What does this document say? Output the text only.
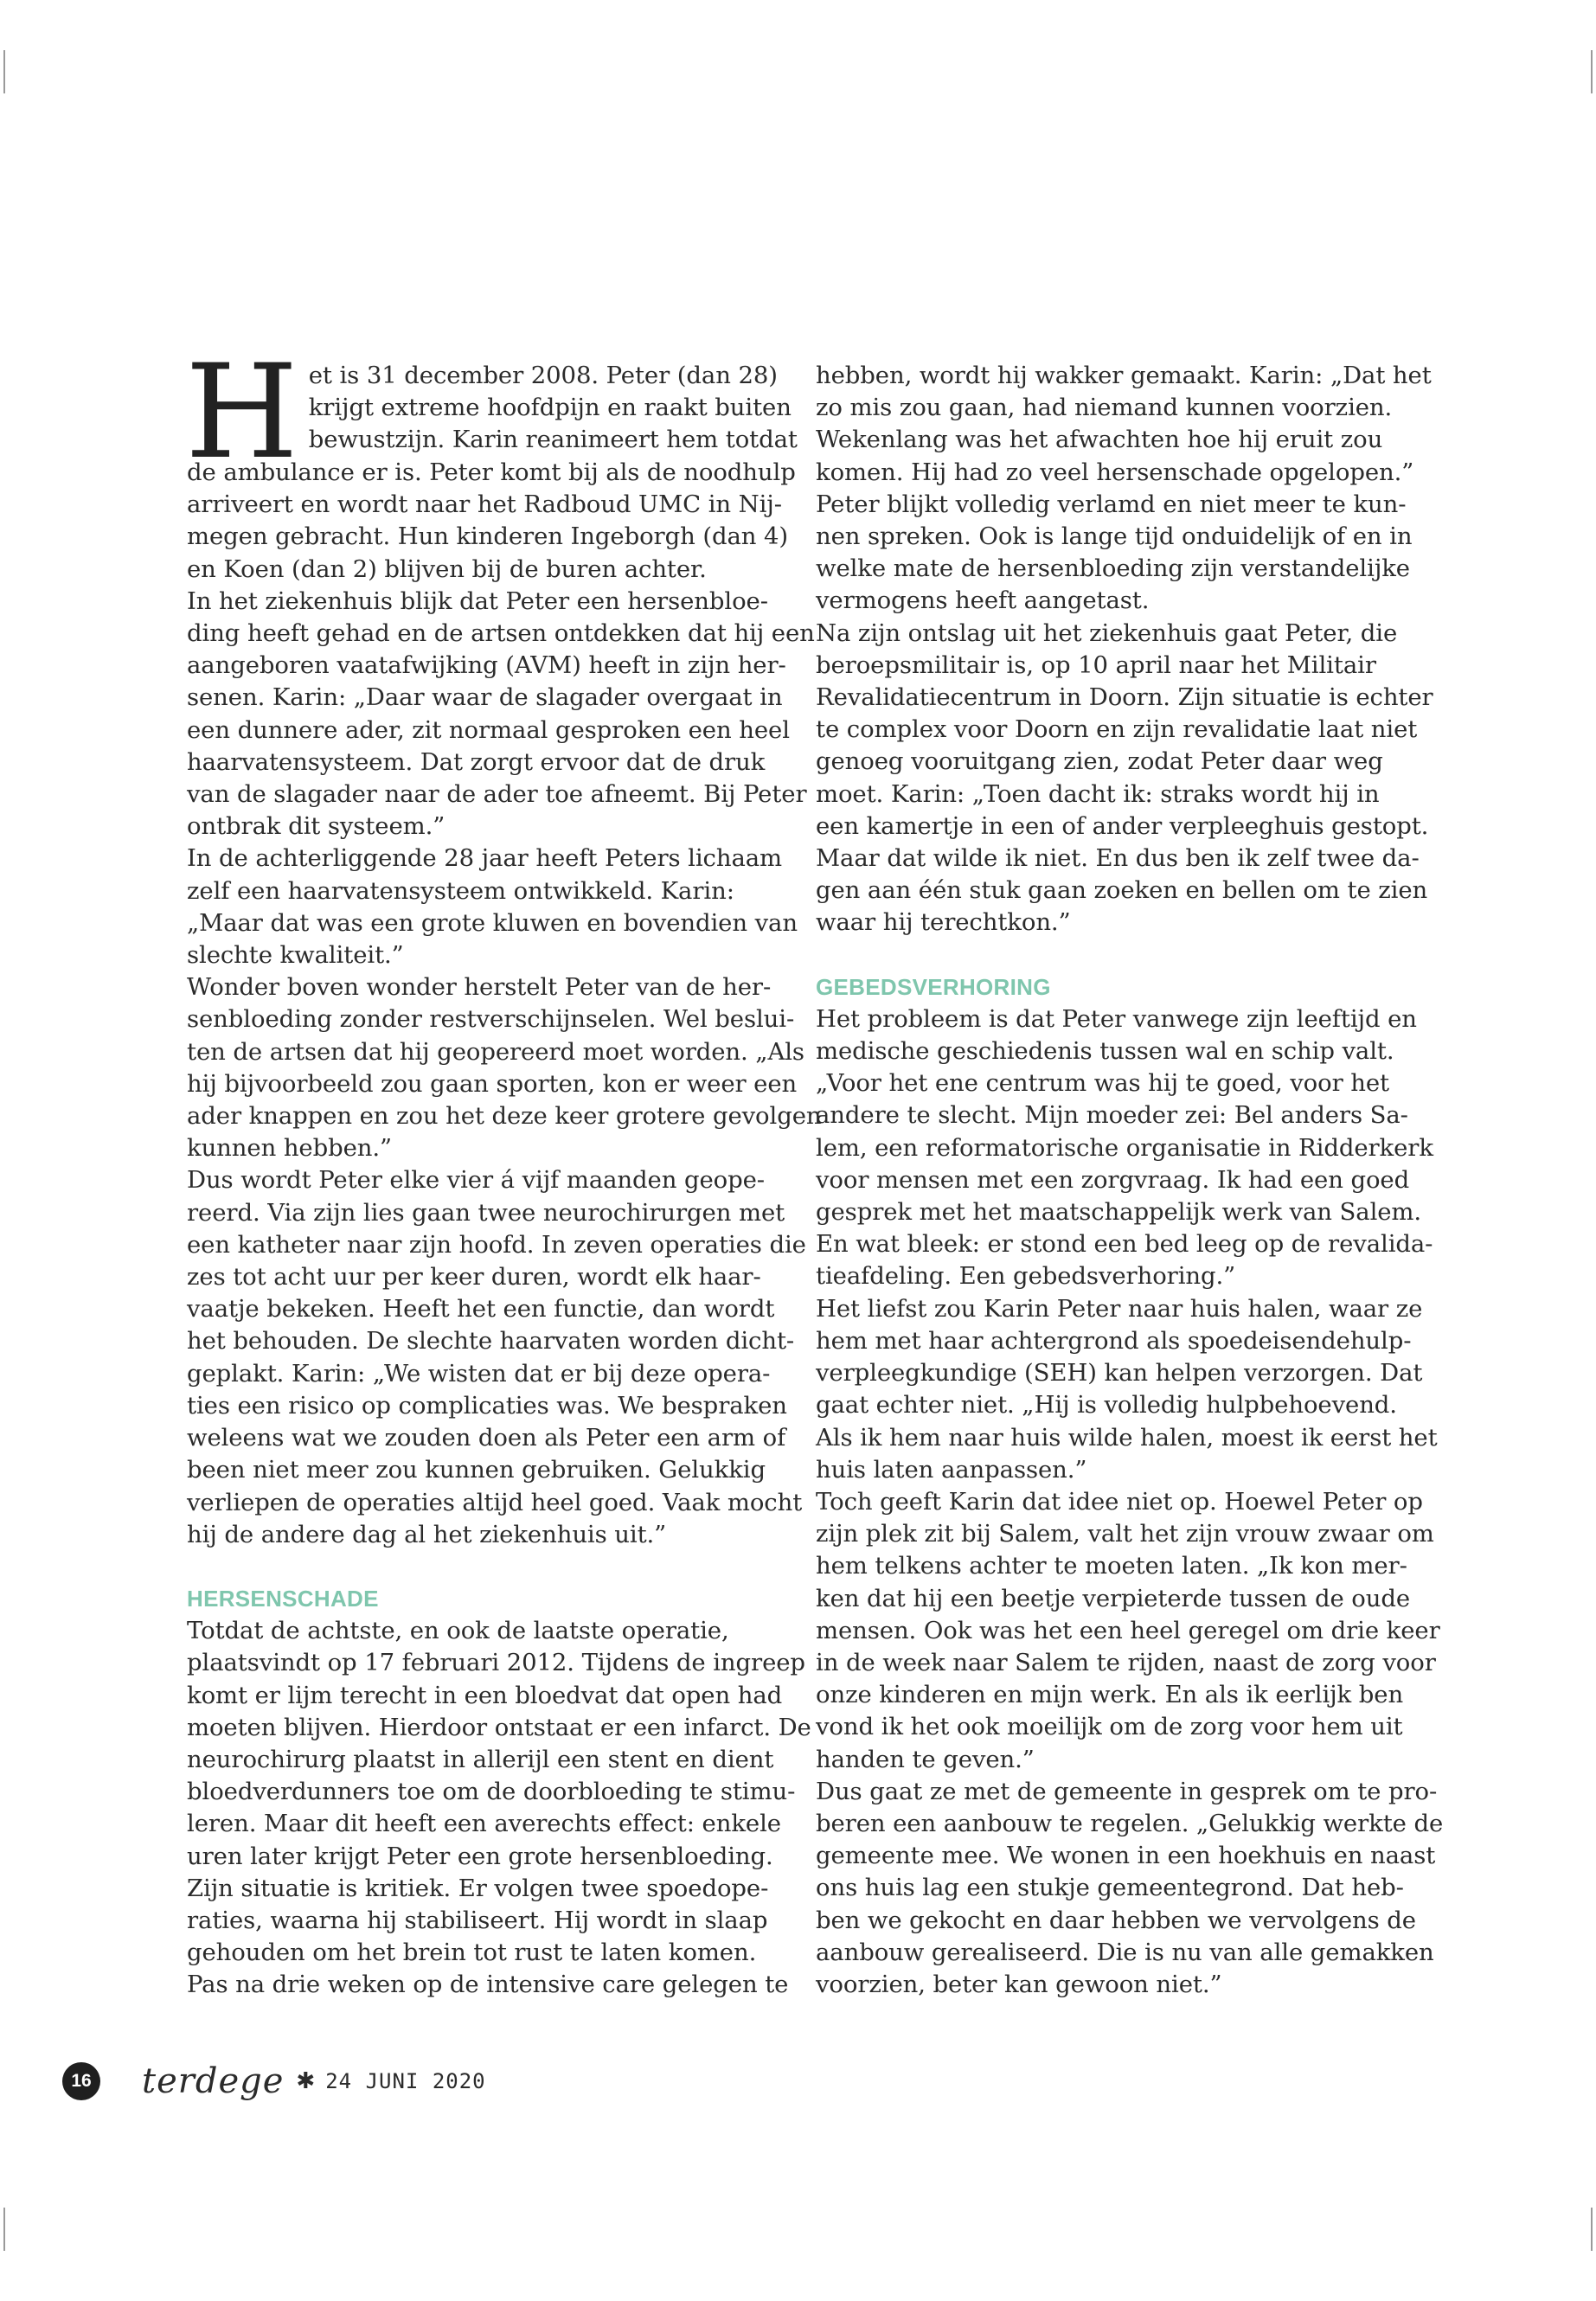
H et is 31 december 2008. Peter (dan 28)
krijgt extreme hoofdpijn en raakt buiten
bewustzijn. Karin reanimeert hem totdat

de ambulance er is. Peter komt bij als de noodhulp
arriveert en wordt naar het Radboud UMC in Nij-
megen gebracht. Hun kinderen Ingeborgh (dan 4)
en Koen (dan 2) blijven bij de buren achter.

In het ziekenhuis blijk dat Peter een hersenbloe-
ding heeft gehad en de artsen ontdekken dat hij een
aangeboren vaatafwijking (AVM) heeft in zijn her-
senen. Karin: „Daar waar de slagader overgaat in
een dunnere ader, zit normaal gesproken een heel
haarvatensysteem. Dat zorgt ervoor dat de druk
van de slagader naar de ader toe afneemt. Bij Peter
ontbrak dit systeem.”

In de achterliggende 28 jaar heeft Peters lichaam
zelf een haarvatensysteem ontwikkeld. Karin:
„Maar dat was een grote kluwen en bovendien van
slechte kwaliteit.”

Wonder boven wonder herstelt Peter van de her-
senbloeding zonder restverschijnselen. Wel beslui-
ten de artsen dat hij geopereerd moet worden. „Als
hij bijvoorbeeld zou gaan sporten, kon er weer een
ader knappen en zou het deze keer grotere gevolgen
kunnen hebben.”

Dus wordt Peter elke vier á vijf maanden geope-
reerd. Via zijn lies gaan twee neurochirurgen met
een katheter naar zijn hoofd. In zeven operaties die
zes tot acht uur per keer duren, wordt elk haar-
vaatje bekeken. Heeft het een functie, dan wordt
het behouden. De slechte haarvaten worden dicht-
geplakt. Karin: „We wisten dat er bij deze opera-
ties een risico op complicaties was. We bespraken
weleens wat we zouden doen als Peter een arm of
been niet meer zou kunnen gebruiken. Gelukkig
verliepen de operaties altijd heel goed. Vaak mocht
hij de andere dag al het ziekenhuis uit.”

HERSENSCHADE

Totdat de achtste, en ook de laatste operatie,
plaatsvindt op 17 februari 2012. Tijdens de ingreep
komt er lijm terecht in een bloedvat dat open had
moeten blijven. Hierdoor ontstaat er een infarct. De
neurochirurg plaatst in allerijl een stent en dient
bloedverdunners toe om de doorbloeding te stimu-
leren. Maar dit heeft een averechts effect: enkele
uren later krijgt Peter een grote hersenbloeding.
Zijn situatie is kritiek. Er volgen twee spoedope-
raties, waarna hij stabiliseert. Hij wordt in slaap
gehouden om het brein tot rust te laten komen.
Pas na drie weken op de intensive care gelegen te

hebben, wordt hij wakker gemaakt. Karin: „Dat het
zo mis zou gaan, had niemand kunnen voorzien.
Wekenlang was het afwachten hoe hij eruit zou
komen. Hij had zo veel hersenschade opgelopen.”
Peter blijkt volledig verlamd en niet meer te kun-
nen spreken. Ook is lange tijd onduidelijk of en in
welke mate de hersenbloeding zijn verstandelijke
vermogens heeft aangetast.

Na zijn ontslag uit het ziekenhuis gaat Peter, die
beroepsmilitair is, op 10 april naar het Militair
Revalidatiecentrum in Doorn. Zijn situatie is echter
te complex voor Doorn en zijn revalidatie laat niet
genoeg vooruitgang zien, zodat Peter daar weg
moet. Karin: „Toen dacht ik: straks wordt hij in
een kamertje in een of ander verpleeghuis gestopt.
Maar dat wilde ik niet. En dus ben ik zelf twee da-
gen aan één stuk gaan zoeken en bellen om te zien
waar hij terechtkon.”

GEBEDSVERHORING

Het probleem is dat Peter vanwege zijn leeftijd en
medische geschiedenis tussen wal en schip valt.
„Voor het ene centrum was hij te goed, voor het
andere te slecht. Mijn moeder zei: Bel anders Sa-
lem, een reformatorische organisatie in Ridderkerk
voor mensen met een zorgvraag. Ik had een goed
gesprek met het maatschappelijk werk van Salem.
En wat bleek: er stond een bed leeg op de revalida-
tieafdeling. Een gebedsverhoring.”

Het liefst zou Karin Peter naar huis halen, waar ze
hem met haar achtergrond als spoedeisendehulp-
verpleegkundige (SEH) kan helpen verzorgen. Dat
gaat echter niet. „Hij is volledig hulpbehoevend.
Als ik hem naar huis wilde halen, moest ik eerst het
huis laten aanpassen.”

Toch geeft Karin dat idee niet op. Hoewel Peter op
zijn plek zit bij Salem, valt het zijn vrouw zwaar om
hem telkens achter te moeten laten. „Ik kon mer-
ken dat hij een beetje verpieterde tussen de oude
mensen. Ook was het een heel geregel om drie keer
in de week naar Salem te rijden, naast de zorg voor
onze kinderen en mijn werk. En als ik eerlijk ben
vond ik het ook moeilijk om de zorg voor hem uit
handen te geven.”

Dus gaat ze met de gemeente in gesprek om te pro-
beren een aanbouw te regelen. „Gelukkig werkte de
gemeente mee. We wonen in een hoekhuis en naast
ons huis lag een stukje gemeentegrond. Dat heb-
ben we gekocht en daar hebben we vervolgens de
aanbouw gerealiseerd. Die is nu van alle gemakken
voorzien, beter kan gewoon niet.”

16 terdege ✱ 24 JUNI 2020
